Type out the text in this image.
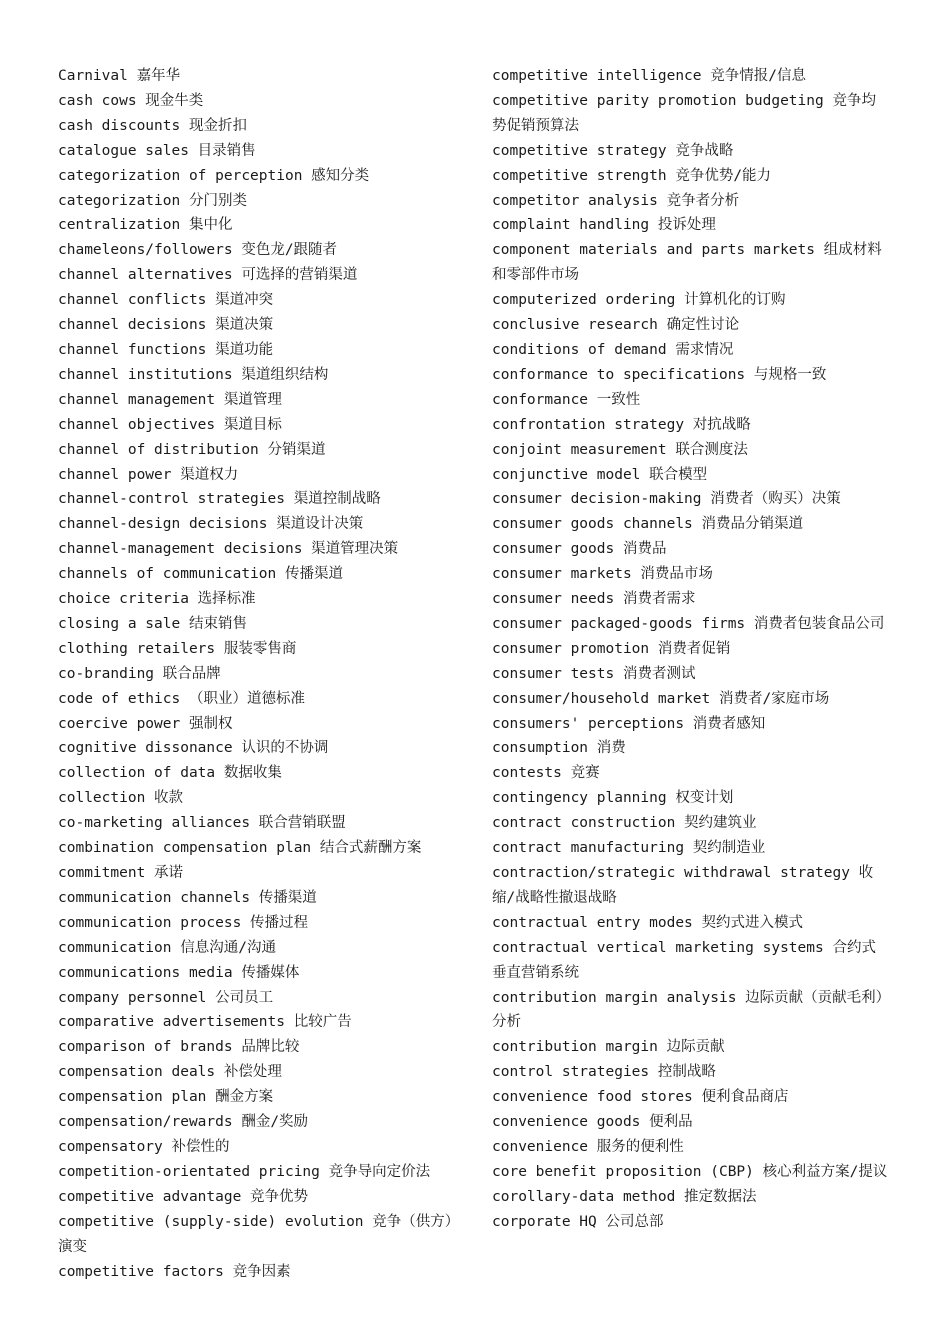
Carnival 嘉年华
cash cows 现金牛类
cash discounts 现金折扣
catalogue sales 目录销售
categorization of perception 感知分类
categorization 分门别类
centralization 集中化
chameleons/followers 变色龙/跟随者
channel alternatives 可选择的营销渠道
channel conflicts 渠道冲突
channel decisions 渠道决策
channel functions 渠道功能
channel institutions 渠道组织结构
channel management 渠道管理
channel objectives 渠道目标
channel of distribution 分销渠道
channel power 渠道权力
channel-control strategies 渠道控制战略
channel-design decisions 渠道设计决策
channel-management decisions 渠道管理决策
channels of communication 传播渠道
choice criteria 选择标准
closing a sale 结束销售
clothing retailers 服装零售商
co-branding 联合品牌
code of ethics （职业）道德标准
coercive power 强制权
cognitive dissonance 认识的不协调
collection of data 数据收集
collection 收款
co-marketing alliances 联合营销联盟
combination compensation plan 结合式薪酬方案
commitment 承诺
communication channels 传播渠道
communication process 传播过程
communication 信息沟通/沟通
communications media 传播媒体
company personnel 公司员工
comparative advertisements 比较广告
comparison of brands 品牌比较
compensation deals 补偿处理
compensation plan 酬金方案
compensation/rewards 酬金/奖励
compensatory 补偿性的
competition-orientated pricing 竞争导向定价法
competitive advantage 竞争优势
competitive (supply-side) evolution 竞争（供方）演变
competitive factors 竞争因素
competitive intelligence 竞争情报/信息
competitive parity promotion budgeting 竞争均势促销预算法
competitive strategy 竞争战略
competitive strength 竞争优势/能力
competitor analysis 竞争者分析
complaint handling 投诉处理
component materials and parts markets 组成材料和零部件市场
computerized ordering 计算机化的订购
conclusive research 确定性讨论
conditions of demand 需求情况
conformance to specifications 与规格一致
conformance 一致性
confrontation strategy 对抗战略
conjoint measurement 联合测度法
conjunctive model 联合模型
consumer decision-making 消费者（购买）决策
consumer goods channels 消费品分销渠道
consumer goods 消费品
consumer markets 消费品市场
consumer needs 消费者需求
consumer packaged-goods firms 消费者包装食品公司
consumer promotion 消费者促销
consumer tests 消费者测试
consumer/household market 消费者/家庭市场
consumers' perceptions 消费者感知
consumption 消费
contests 竞赛
contingency planning 权变计划
contract construction 契约建筑业
contract manufacturing 契约制造业
contraction/strategic withdrawal strategy 收缩/战略性撤退战略
contractual entry modes 契约式进入模式
contractual vertical marketing systems 合约式垂直营销系统
contribution margin analysis 边际贡献（贡献毛利）分析
contribution margin 边际贡献
control strategies 控制战略
convenience food stores 便利食品商店
convenience goods 便利品
convenience 服务的便利性
core benefit proposition (CBP) 核心利益方案/提议
corollary-data method 推定数据法
corporate HQ 公司总部
